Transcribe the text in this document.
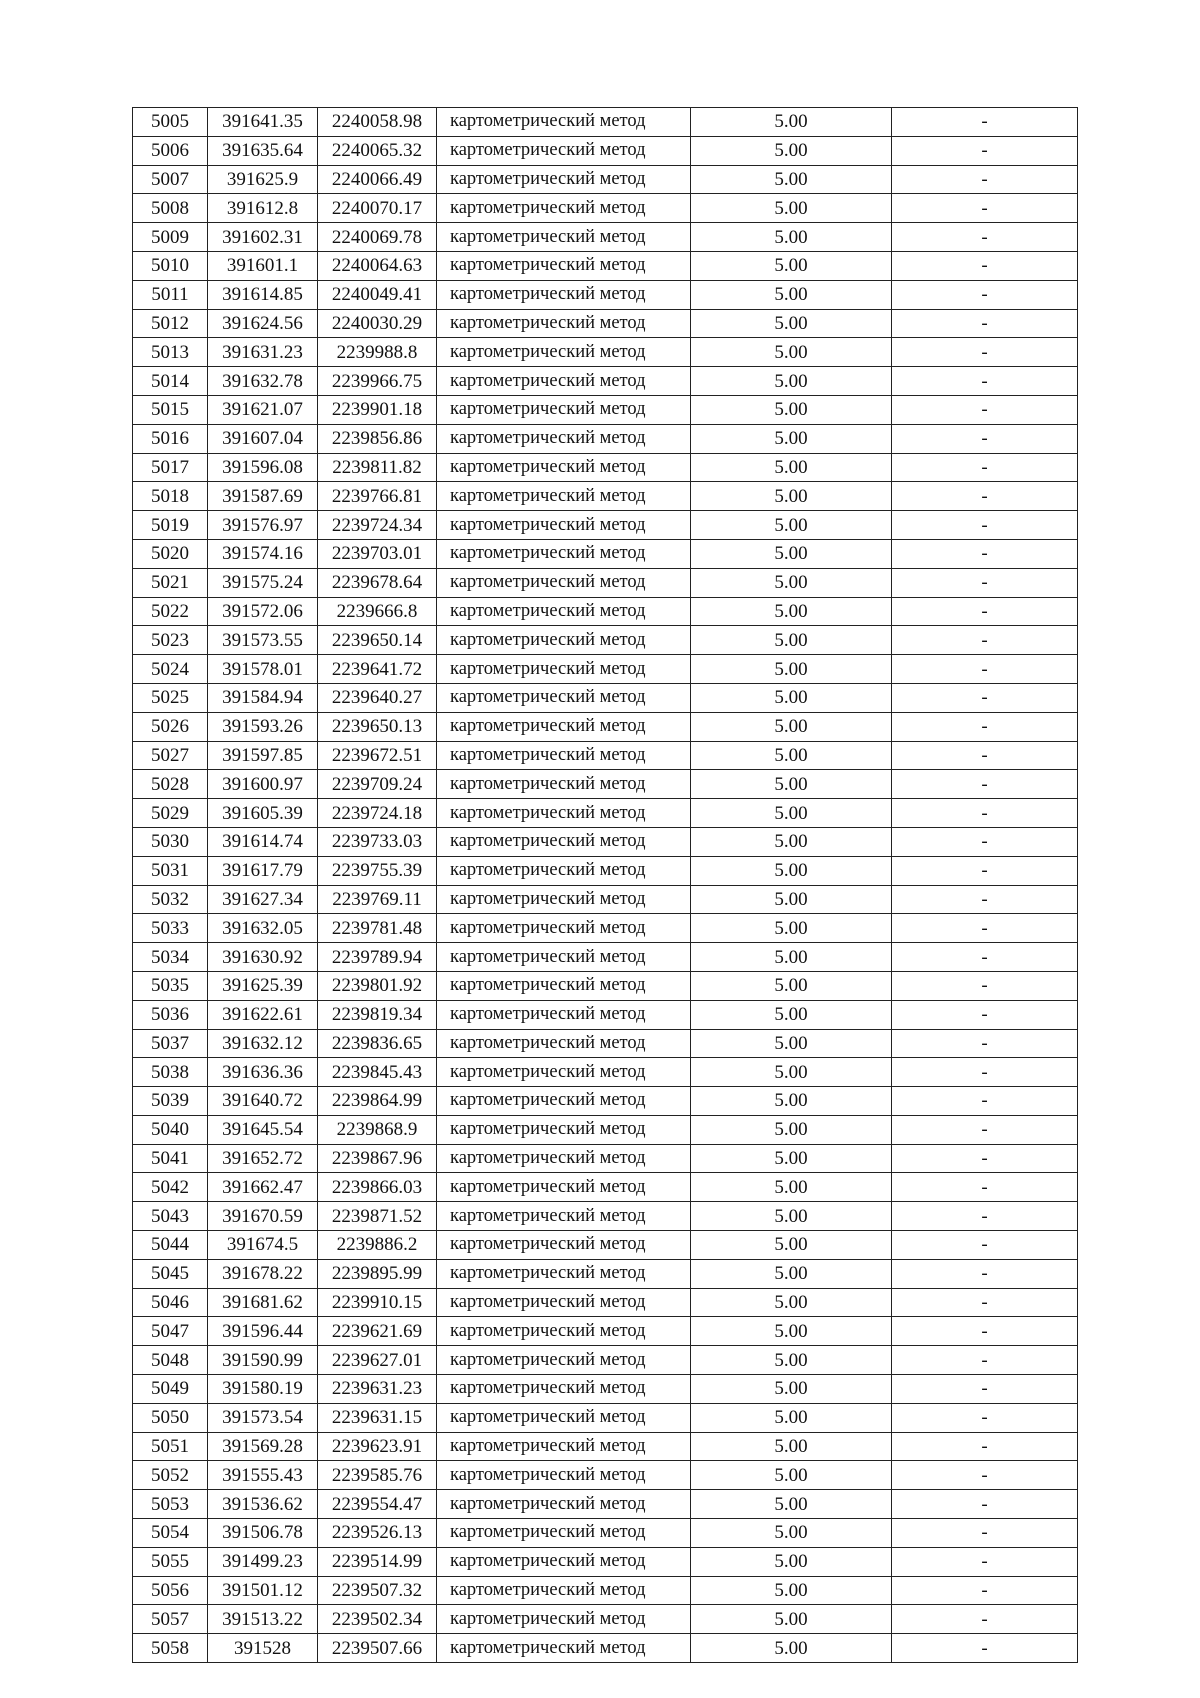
5005	391641.35	2240058.98	картометрический метод	5.00	-
5006	391635.64	2240065.32	картометрический метод	5.00	-
5007	391625.9	2240066.49	картометрический метод	5.00	-
5008	391612.8	2240070.17	картометрический метод	5.00	-
5009	391602.31	2240069.78	картометрический метод	5.00	-
5010	391601.1	2240064.63	картометрический метод	5.00	-
5011	391614.85	2240049.41	картометрический метод	5.00	-
5012	391624.56	2240030.29	картометрический метод	5.00	-
5013	391631.23	2239988.8	картометрический метод	5.00	-
5014	391632.78	2239966.75	картометрический метод	5.00	-
5015	391621.07	2239901.18	картометрический метод	5.00	-
5016	391607.04	2239856.86	картометрический метод	5.00	-
5017	391596.08	2239811.82	картометрический метод	5.00	-
5018	391587.69	2239766.81	картометрический метод	5.00	-
5019	391576.97	2239724.34	картометрический метод	5.00	-
5020	391574.16	2239703.01	картометрический метод	5.00	-
5021	391575.24	2239678.64	картометрический метод	5.00	-
5022	391572.06	2239666.8	картометрический метод	5.00	-
5023	391573.55	2239650.14	картометрический метод	5.00	-
5024	391578.01	2239641.72	картометрический метод	5.00	-
5025	391584.94	2239640.27	картометрический метод	5.00	-
5026	391593.26	2239650.13	картометрический метод	5.00	-
5027	391597.85	2239672.51	картометрический метод	5.00	-
5028	391600.97	2239709.24	картометрический метод	5.00	-
5029	391605.39	2239724.18	картометрический метод	5.00	-
5030	391614.74	2239733.03	картометрический метод	5.00	-
5031	391617.79	2239755.39	картометрический метод	5.00	-
5032	391627.34	2239769.11	картометрический метод	5.00	-
5033	391632.05	2239781.48	картометрический метод	5.00	-
5034	391630.92	2239789.94	картометрический метод	5.00	-
5035	391625.39	2239801.92	картометрический метод	5.00	-
5036	391622.61	2239819.34	картометрический метод	5.00	-
5037	391632.12	2239836.65	картометрический метод	5.00	-
5038	391636.36	2239845.43	картометрический метод	5.00	-
5039	391640.72	2239864.99	картометрический метод	5.00	-
5040	391645.54	2239868.9	картометрический метод	5.00	-
5041	391652.72	2239867.96	картометрический метод	5.00	-
5042	391662.47	2239866.03	картометрический метод	5.00	-
5043	391670.59	2239871.52	картометрический метод	5.00	-
5044	391674.5	2239886.2	картометрический метод	5.00	-
5045	391678.22	2239895.99	картометрический метод	5.00	-
5046	391681.62	2239910.15	картометрический метод	5.00	-
5047	391596.44	2239621.69	картометрический метод	5.00	-
5048	391590.99	2239627.01	картометрический метод	5.00	-
5049	391580.19	2239631.23	картометрический метод	5.00	-
5050	391573.54	2239631.15	картометрический метод	5.00	-
5051	391569.28	2239623.91	картометрический метод	5.00	-
5052	391555.43	2239585.76	картометрический метод	5.00	-
5053	391536.62	2239554.47	картометрический метод	5.00	-
5054	391506.78	2239526.13	картометрический метод	5.00	-
5055	391499.23	2239514.99	картометрический метод	5.00	-
5056	391501.12	2239507.32	картометрический метод	5.00	-
5057	391513.22	2239502.34	картометрический метод	5.00	-
5058	391528	2239507.66	картометрический метод	5.00	-
